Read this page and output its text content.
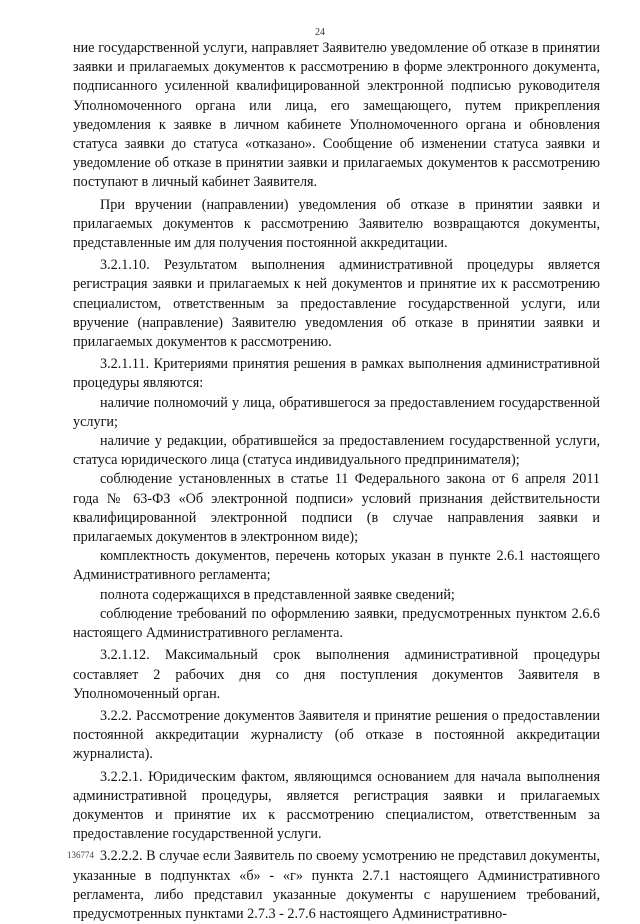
24

ние государственной услуги, направляет Заявителю уведомление об отказе в принятии заявки и прилагаемых документов к рассмотрению в форме электронного документа, подписанного усиленной квалифицированной электронной подписью руководителя Уполномоченного органа или лица, его замещающего, путем прикрепления уведомления к заявке в личном кабинете Уполномоченного органа и обновления статуса заявки до статуса «отказано». Сообщение об изменении статуса заявки и уведомление об отказе в принятии заявки и прилагаемых документов к рассмотрению поступают в личный кабинет Заявителя.

При вручении (направлении) уведомления об отказе в принятии заявки и прилагаемых документов к рассмотрению Заявителю возвращаются документы, представленные им для получения постоянной аккредитации.

3.2.1.10. Результатом выполнения административной процедуры является регистрация заявки и прилагаемых к ней документов и принятие их к рассмотрению специалистом, ответственным за предоставление государственной услуги, или вручение (направление) Заявителю уведомления об отказе в принятии заявки и прилагаемых документов к рассмотрению.

3.2.1.11. Критериями принятия решения в рамках выполнения административной процедуры являются:

наличие полномочий у лица, обратившегося за предоставлением государственной услуги;

наличие у редакции, обратившейся за предоставлением государственной услуги, статуса юридического лица (статуса индивидуального предпринимателя);

соблюдение установленных в статье 11 Федерального закона от 6 апреля 2011 года № 63-ФЗ «Об электронной подписи» условий признания действительности квалифицированной электронной подписи (в случае направления заявки и прилагаемых документов в электронном виде);

комплектность документов, перечень которых указан в пункте 2.6.1 настоящего Административного регламента;

полнота содержащихся в представленной заявке сведений;

соблюдение требований по оформлению заявки, предусмотренных пунктом 2.6.6 настоящего Административного регламента.

3.2.1.12. Максимальный срок выполнения административной процедуры составляет 2 рабочих дня со дня поступления документов Заявителя в Уполномоченный орган.

3.2.2. Рассмотрение документов Заявителя и принятие решения о предоставлении постоянной аккредитации журналисту (об отказе в постоянной аккредитации журналиста).

3.2.2.1. Юридическим фактом, являющимся основанием для начала выполнения административной процедуры, является регистрация заявки и прилагаемых документов и принятие их к рассмотрению специалистом, ответственным за предоставление государственной услуги.

3.2.2.2. В случае если Заявитель по своему усмотрению не представил документы, указанные в подпунктах «б» - «г» пункта 2.7.1 настоящего Административного регламента, либо представил указанные документы с нарушением требований, предусмотренных пунктами 2.7.3 - 2.7.6 настоящего Административно-

136774
